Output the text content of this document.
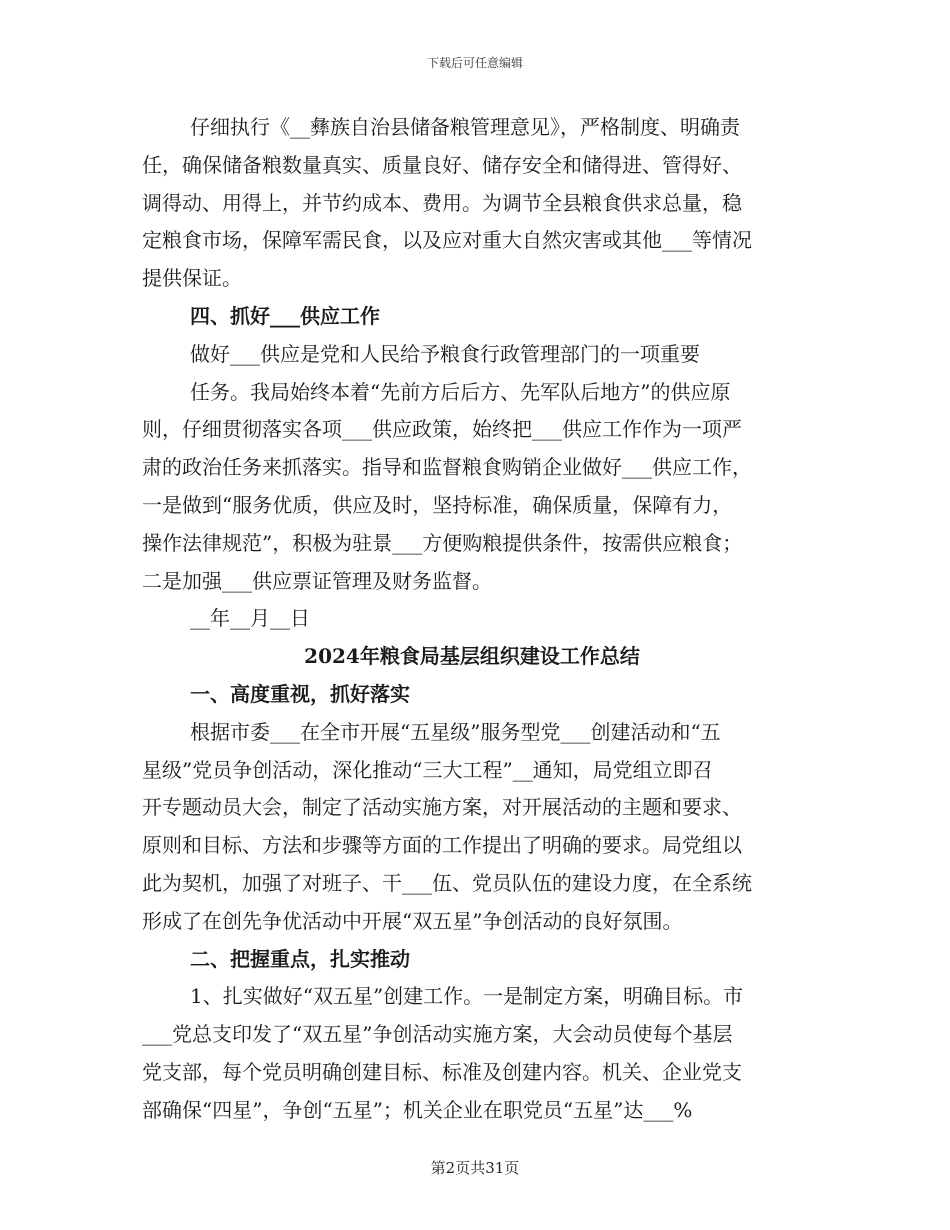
下载后可任意编辑
仔细执行《__彝族自治县储备粮管理意见》，严格制度、明确责
任，确保储备粮数量真实、质量良好、储存安全和储得进、管得好、
调得动、用得上，并节约成本、费用。为调节全县粮食供求总量，稳
定粮食市场，保障军需民食，以及应对重大自然灾害或其他___等情况
提供保证。
四、抓好___供应工作
做好___供应是党和人民给予粮食行政管理部门的一项重要
任务。我局始终本着“先前方后后方、先军队后地方”的供应原
则，仔细贯彻落实各项___供应政策，始终把___供应工作作为一项严
肃的政治任务来抓落实。指导和监督粮食购销企业做好___供应工作，
一是做到“服务优质，供应及时，坚持标准，确保质量，保障有力，
操作法律规范”，积极为驻景___方便购粮提供条件，按需供应粮食；
二是加强___供应票证管理及财务监督。
__年__月__日
2024年粮食局基层组织建设工作总结
一、高度重视，抓好落实
根据市委___在全市开展“五星级”服务型党___创建活动和“五
星级”党员争创活动，深化推动“三大工程”__通知，局党组立即召
开专题动员大会，制定了活动实施方案，对开展活动的主题和要求、
原则和目标、方法和步骤等方面的工作提出了明确的要求。局党组以
此为契机，加强了对班子、干___伍、党员队伍的建设力度，在全系统
形成了在创先争优活动中开展“双五星”争创活动的良好氛围。
二、把握重点，扎实推动
1、扎实做好“双五星”创建工作。一是制定方案，明确目标。市
___党总支印发了“双五星”争创活动实施方案，大会动员使每个基层
党支部，每个党员明确创建目标、标准及创建内容。机关、企业党支
部确保“四星”，争创“五星”；机关企业在职党员“五星”达___%
第2页共31页
